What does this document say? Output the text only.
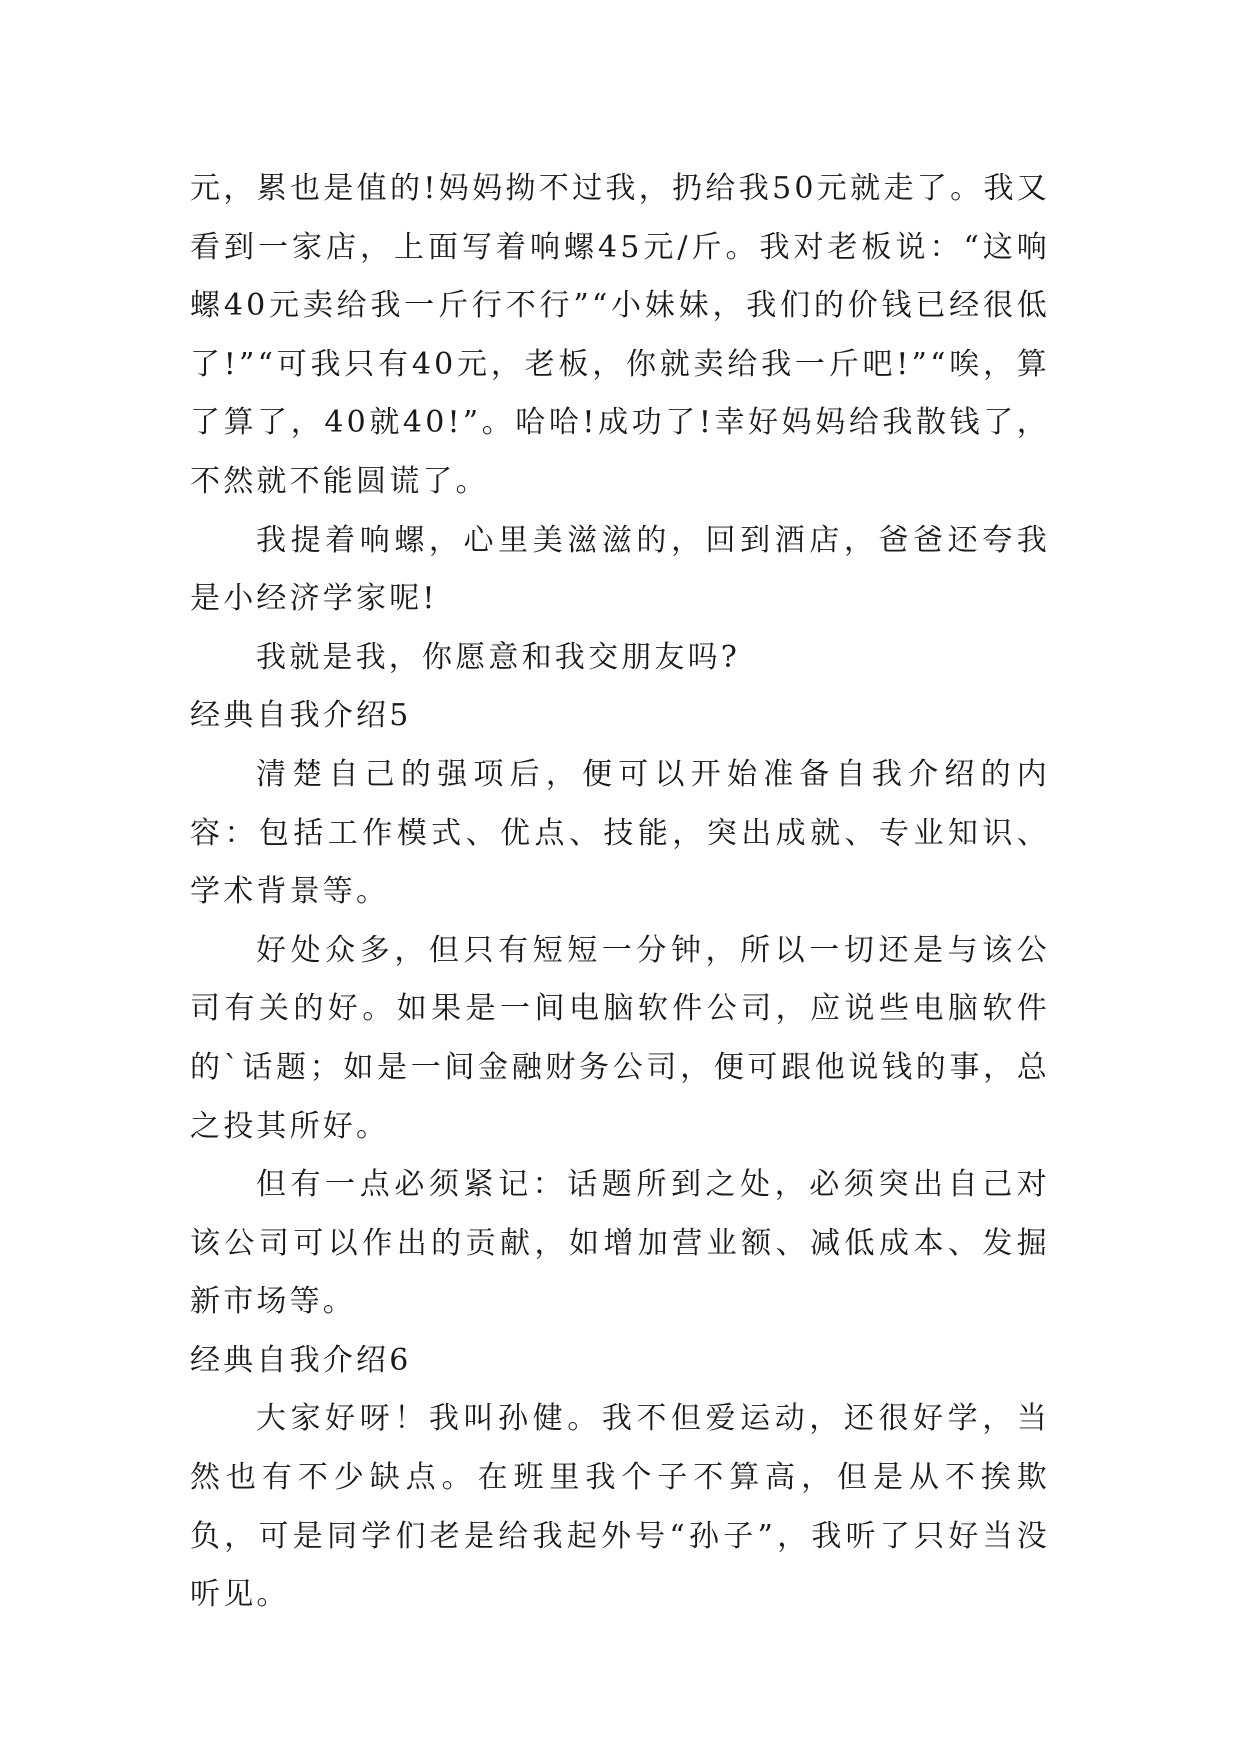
元，累也是值的!妈妈拗不过我，扔给我50元就走了。我又看到一家店，上面写着响螺45元/斤。我对老板说：“这响螺40元卖给我一斤行不行”“小妹妹，我们的价钱已经很低了!”“可我只有40元，老板，你就卖给我一斤吧!”“唉，算了算了，40就40!”。哈哈!成功了!幸好妈妈给我散钱了，不然就不能圆谎了。

我提着响螺，心里美滋滋的，回到酒店，爸爸还夸我是小经济学家呢!

我就是我，你愿意和我交朋友吗?

经典自我介绍5

清楚自己的强项后，便可以开始准备自我介绍的内容：包括工作模式、优点、技能，突出成就、专业知识、学术背景等。

好处众多，但只有短短一分钟，所以一切还是与该公司有关的好。如果是一间电脑软件公司，应说些电脑软件的`话题；如是一间金融财务公司，便可跟他说钱的事，总之投其所好。

但有一点必须紧记：话题所到之处，必须突出自己对该公司可以作出的贡献，如增加营业额、减低成本、发掘新市场等。

经典自我介绍6

大家好呀！我叫孙健。我不但爱运动，还很好学，当然也有不少缺点。在班里我个子不算高，但是从不挨欺负，可是同学们老是给我起外号“孙子”，我听了只好当没听见。
